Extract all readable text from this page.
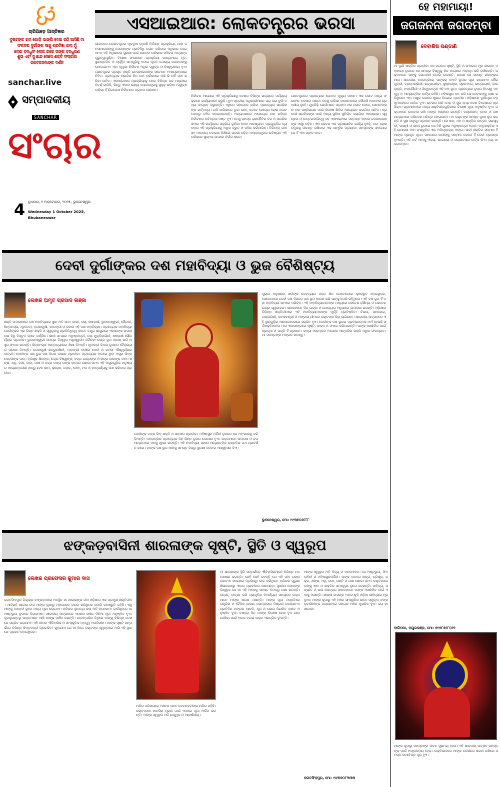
ଚାରିଆଡ଼େ ଆସ୍ତିକର
ଦୁଷ୍ଟଙ୍କ ହାତ ଗୋଡ଼ି ଭାଙ୍ଗି ଦେଇ ଗଠି ଆସିଛି ମା
ସଂକଳପ ଦୁର୍ଗାଙ୍କ ସାଗୁ ପ୍ରତିଜ୍ଞା ଗଲା ମୁଁ
ଲୋକ ବନ୍ଧୁସଂ ଲୋକ କରେ ତାଙ୍କ ବନ୍ଧୁଗଣ
ଶୁଭ ଏବଂ ସୁ ଛାନ୍ଦ ସେସେ ଶକ୍ତି ସଂସ୍କାର
ଜଗତଜନନୀଙ୍କ ଦର୍ଶନ
sanchar.live
ସମ୍ପାଦକୀୟ
SANCHAR
ସଂଚାର
4 ବୁଧବାର, ୧ ଅକ୍ଟୋବର, ୨୦୨୫, ଭୁବନେଶ୍ୱର
Wednesday 1 October 2025,
Bhubaneswar
ଏସଆଇଆର: ଲୋକତନ୍ତ୍ରର ଭରସା
ଭାରତରେ ଲୋକତନ୍ତ୍ରର ମୂଳଦୁଆ ହେଉଛି ନିର୍ବାଚନ ପ୍ରକ୍ରିୟା, ଯାହା ଜନସାଧାରଣଙ୍କୁ ସେମାନଙ୍କ ପ୍ରତିନିଧି ଚୟନ କରିବାର ଅଧିକାର ଦେଇଥାଏ। ଏହି ଅଧିକାରର ସୁରକ୍ଷା ପାଇଁ ଭୋଟର ତାଲିକାର ସଠିକତା ଅତ୍ୟନ୍ତ ଗୁରୁତ୍ୱପୂର୍ଣ୍ଣ। ବିଶେଷ ସଂଶୋଧନ ପ୍ରକ୍ରିୟା ମାଧ୍ୟମରେ ମୃତ, ସ୍ଥାନାନ୍ତରିତ ଓ ଦ୍ୱୈତ ନାମଗୁଡ଼ିକୁ ହଟାଇ ନୂତନ ଯୋଗ୍ୟ ଭୋଟରଙ୍କୁ ଯୋଡ଼ାଯାଏ। ଏହା ଦ୍ୱାରା ନିର୍ବାଚନ ଅଧିକ ସ୍ୱଚ୍ଛ ଓ ବିଶ୍ୱସନୀୟ ହୁଏ। ଗଣତନ୍ତ୍ରର ପ୍ରକୃତ ଶକ୍ତି ଜନସାଧାରଣଙ୍କ ସଚେତନ ଅଂଶଗ୍ରହଣରେ ନିହିତ। ପ୍ରତ୍ୟେକ ନାଗରିକ ନିଜ ନାମ ତାଲିକାରେ ଅଛି କି ନାହିଁ ଯାଞ୍ଚ କରିବା ଉଚିତ। ଏସଆଇଆର ପ୍ରକ୍ରିୟାକୁ ନେଇ ବିଭିନ୍ନ ଦଳ ମଧ୍ୟରେ ବିତର୍କ ଚାଲିଛି, କିନ୍ତୁ ଏହାର ଲକ୍ଷ୍ୟ ଲୋକତନ୍ତ୍ରକୁ ସୁଦୃଢ଼ କରିବା। ସ୍ୱଚ୍ଛ ତାଲିକା ହିଁ ନିରପେକ୍ଷ ନିର୍ବାଚନର ପ୍ରଥମ ସୋପାନ।
ନିର୍ବାଚନ ଆୟୋଗ ଏହି ପ୍ରକ୍ରିୟାକୁ ଦେଶର ବିଭିନ୍ନ ରାଜ୍ୟରେ ପର୍ଯ୍ୟାୟକ୍ରମେ କାର୍ଯ୍ୟକାରୀ କରୁଛି। ବୁଥ ସ୍ତରୀୟ ଅଧିକାରୀମାନେ ଘର ଘର ବୁଲି ତଥ୍ୟ ସଂଗ୍ରହ କରୁଛନ୍ତି। ଏଥିରେ ସହଯୋଗ କରିବା ପ୍ରତ୍ୟେକ ନାଗରିକଙ୍କ କର୍ତ୍ତବ୍ୟ। ଯଦି ତାଲିକାରେ ଭୁଲ ରହେ, ତେବେ ଯୋଗ୍ୟ ଲୋକ ଭୋଟ ଦେବାରୁ ବଞ୍ଚିତ ହୋଇପାରନ୍ତି। ଅନ୍ୟପକ୍ଷରେ ଅଯୋଗ୍ୟ ନାମ ରହିଲେ ନିର୍ବାଚନର ପବିତ୍ରତା ନଷ୍ଟ ହୁଏ। ତେଣୁ ସମସ୍ତ ରାଜନୈତିକ ଦଳ ଓ ନାଗରିକ ସମାଜ ଏହି କାର୍ଯ୍ୟରେ ସକ୍ରିୟ ଭୂମିକା ନେବା ଆବଶ୍ୟକ। ପ୍ରଯୁକ୍ତିର ବ୍ୟବହାର ଏହି ପ୍ରକ୍ରିୟାକୁ ଅଧିକ ଦ୍ରୁତ ଓ ସଠିକ କରିପାରିବ। ଡିଜିଟାଲ ଯାଞ୍ଚ ସହ ମାନବୀୟ ତଦାରଖ ମିଶିଲେ ଭରସା ବଢ଼ିବ। ଲୋକତନ୍ତ୍ରର ଭବିଷ୍ୟତ ଏହି ତାଲିକାର ଶୁଦ୍ଧତା ଉପରେ ନିର୍ଭର କରେ।
ଗଣତନ୍ତ୍ରରେ ପ୍ରତ୍ୟେକ ଭୋଟର ମୂଲ୍ୟ ସମାନ। ଏକ ଭୋଟ ମଧ୍ୟ ଫଳାଫଳ ବଦଳାଇ ପାରେ। ତେଣୁ ତାଲିକା ସଂଶୋଧନରେ କୌଣସି ଅବହେଳା ଗ୍ରହଣୀୟ ନୁହେଁ। ଯୁବପିଢ଼ି ଯେଉଁମାନେ ପ୍ରଥମ ଥର ଭୋଟ ଦେବେ, ସେମାନଙ୍କର ନାମ ପଞ୍ଜିକରଣ ପାଇଁ ବିଶେଷ ଶିବିର ଆୟୋଜନ କରାଯିବା ଉଚିତ। ପ୍ରବାସୀ ଶ୍ରମିକଙ୍କ ପାଇଁ ମଧ୍ୟ ସୁବିଧା ସୁନିଶ୍ଚିତ କରାଯିବା ଆବଶ୍ୟକ। ସ୍ୱଚ୍ଛତା ଓ ଉତ୍ତରଦାୟିତ୍ୱ ସହ ଏସଆଇଆର ସମ୍ପନ୍ନ ହେଲେ ଜନସାଧାରଣଙ୍କ ଆସ୍ଥା ବଢ଼ିବ। ଏହା କେବଳ ଏକ ପ୍ରଶାସନିକ କାର୍ଯ୍ୟ ନୁହେଁ, ବରଂ ଲୋକତନ୍ତ୍ରକୁ ଜୀବନ୍ତ ରଖିବାର ଏକ ସାମୂହିକ ପ୍ରୟାସ। ସମସ୍ତଙ୍କ ସହଯୋଗରେ ହିଁ ଏହା ସଫଳ ହେବ।
ହେ ମହାମାୟା!
ଜଗଜନନୀ ଜଗଦମ୍ବା
ଦେବାଶିଷ ପଣ୍ଡାଣି
ମା ଦୁର୍ଗା ଶକ୍ତିର ପ୍ରତୀକ। ସେ ଜଗତର ସୃଷ୍ଟି, ସ୍ଥିତି ଓ ସଂହାରର ମୂଳ କାରଣ। ମହାମାୟା ରୂପରେ ସେ ସମଗ୍ର ବିଶ୍ୱକୁ ନିଜ ମାୟାରେ ଆବଦ୍ଧ କରି ରଖିଛନ୍ତି। ଭକ୍ତମାନେ ତାଙ୍କୁ ଜଗଜନନୀ ବୋଲି ଡାକନ୍ତି, କାରଣ ସେ ସମସ୍ତ ଜୀବଙ୍କର ମାତା। ଶାରଦୀୟ ନବରାତ୍ରିରେ ତାଙ୍କର ନଅଟି ରୂପର ପୂଜା କରାଯାଏ। ଶୈଳପୁତ୍ରୀ, ବ୍ରହ୍ମଚାରିଣୀ, ଚନ୍ଦ୍ରଘଣ୍ଟା, କୁଷ୍ମାଣ୍ଡା, ସ୍କନ୍ଦମାତା, କାତ୍ୟାୟନୀ, କାଳରାତ୍ରି, ମହାଗୌରୀ ଓ ସିଦ୍ଧିଦାତ୍ରୀ ଏହି ନଅ ରୂପ। ପ୍ରତ୍ୟେକ ରୂପର ନିଜସ୍ୱ ମହତ୍ତ୍ୱ ଓ ଆଧ୍ୟାତ୍ମିକ ବାର୍ତ୍ତା ରହିଛି। ମହିଷାସୁର ବଧ କରି ସେ ଦେବତାଙ୍କୁ ରକ୍ଷା କରିଥିଲେ। ଏହା ଅଶୁଭ ଉପରେ ଶୁଭର ବିଜୟର ପ୍ରତୀକ। ଓଡ଼ିଶାରେ ଦୁର୍ଗାପୂଜା ବଡ଼ ଧୂମଧାମରେ ପାଳିତ ହୁଏ। କଟକର ଚାନ୍ଦି ମେଢ଼ ଓ ସୁନା ମେଢ଼ ଦେଶ ବିଦେଶରେ ପ୍ରସିଦ୍ଧ। ଗ୍ରାମାଞ୍ଚଳରେ ମଧ୍ୟ ଶକ୍ତିପୀଠଗୁଡ଼ିକରେ ବିଶେଷ ପୂଜା ଅନୁଷ୍ଠିତ ହୁଏ। ଭକ୍ତମାନେ ଉପବାସ ରଖି ମାଙ୍କ ଆରାଧନା କରନ୍ତି। ଚଣ୍ଡୀପାଠ, ହୋମ ଓ ଯଜ୍ଞ ମାଧ୍ୟମରେ ପରିବେଶ ପବିତ୍ର ହୋଇଉଠେ। ମା ଭକ୍ତଙ୍କ ସମସ୍ତ ଦୁଃଖ ଦୂର କରନ୍ତି ଓ ସୁଖ ସମୃଦ୍ଧି ପ୍ରଦାନ କରନ୍ତି। ସେ ଜ୍ଞାନ, ଧନ ଓ ଶକ୍ତିର ଦାତ୍ରୀ। ସରସ୍ୱତୀ, ଲକ୍ଷ୍ମୀ ଓ କାଳୀ ରୂପରେ ସେ ତିନି ଗୁଣର ଅଧିଷ୍ଠାତ୍ରୀ ଦେବୀ। ମାତୃଶକ୍ତିର ଏହି ଉପାସନା ଆମ ସଂସ୍କୃତିର ଏକ ଅବିଚ୍ଛେଦ୍ୟ ଅଙ୍ଗ। ନାରୀ ଶକ୍ତିର ସମ୍ମାନ ହିଁ ମାଙ୍କ ପ୍ରକୃତ ପୂଜା। ସମାଜରେ ନାରୀଙ୍କୁ ସମ୍ମାନ ଦେଲେ ହିଁ ଦେବୀ ପ୍ରସନ୍ନ ହୁଅନ୍ତି। ଏହି ପର୍ବ ଆମକୁ ଏକତା, ଭାଇଚାରା ଓ ସଦ୍ଭାବନାର ବାର୍ତ୍ତା ଦିଏ। ଜୟ ମା ଜଗଦମ୍ବା।
ବାରିପଦା, ମୟୂରଭଞ୍ଜ, ମୋ: ୭୯୭୮୫୧୮୦୧୧
ମାଙ୍କ କୃପାରୁ ସମସ୍ତଙ୍କ ଜୀବନ ସୁଖମୟ ହେଉ। ଏହି ଶାରଦୀୟ ଉତ୍ସବ ସମସ୍ତଙ୍କ ପାଇଁ ମଙ୍ଗଳମୟ ହେଉ। ଭକ୍ତିଭାବରେ ମାଙ୍କ ଚରଣରେ ଶରଣ ପଶିଲେ ସମସ୍ତ ବାଧାବିଘ୍ନ ଦୂର ହୁଏ।
ଦେବୀ ଦୁର୍ଗାଙ୍କର ଦଶ ମହାବିଦ୍ୟା ଓ ଭୁଜ ବୈଶିଷ୍ଟ୍ୟ
ଲେଖକ ଅମୃତ ପ୍ରସାଦ ଲଞ୍ଜା
ଶକ୍ତି ଉପାସନାରେ ଦଶ ମହାବିଦ୍ୟାର ସ୍ଥାନ ଅତି ଉଚ୍ଚ। କାଳୀ, ତାରା, ଷୋଡ଼ଶୀ, ଭୁବନେଶ୍ୱରୀ, ଭୈରବୀ, ଛିନ୍ନମସ୍ତା, ଧୂମାବତୀ, ବଗଳାମୁଖୀ, ମାତଙ୍ଗୀ ଓ କମଳା ଏହି ଦଶ ମହାବିଦ୍ୟା। ପ୍ରତ୍ୟେକ ମହାବିଦ୍ୟା ଦେବୀଙ୍କର ଏକ ଭିନ୍ନ ଶକ୍ତି ଓ ସ୍ୱରୂପକୁ ପ୍ରତିନିଧିତ୍ୱ କରେ। ତନ୍ତ୍ର ଶାସ୍ତ୍ରରେ ଏମାନଙ୍କ ଉପାସନାର ବିଧି ବିସ୍ତୃତ ଭାବେ ବର୍ଣ୍ଣିତ। କାଳୀ ସମୟର ଅଧିଷ୍ଠାତ୍ରୀ, ତାରା ମୁକ୍ତିଦାୟିନୀ, ଷୋଡ଼ଶୀ ସୌନ୍ଦର୍ଯ୍ୟର ପ୍ରତୀକ। ଭୁବନେଶ୍ୱରୀ ସମଗ୍ର ବିଶ୍ୱର ଅଧିଶ୍ୱରୀ। ଭୈରବୀ ଉଗ୍ର ରୂପ ଧାରଣ କରି ଅସୁର ସଂହାର କରନ୍ତି। ଛିନ୍ନମସ୍ତା ଆତ୍ମତ୍ୟାଗର ଶିକ୍ଷା ଦିଅନ୍ତି। ଧୂମାବତୀ ବିଧବା ରୂପରେ ବୈରାଗ୍ୟର ସନ୍ଦେଶ ଦିଅନ୍ତି। ବଗଳାମୁଖୀ ଶତ୍ରୁନାଶିନୀ, ମାତଙ୍ଗୀ ବାଣୀର ଦେବୀ ଓ କମଳା ଐଶ୍ୱର୍ଯ୍ୟର ଦାତ୍ରୀ। ଦେବୀଙ୍କ ଦଶ ଭୁଜ ଦଶ ଦିଗର ରକ୍ଷାର ପ୍ରତୀକ। ପ୍ରତ୍ୟେକ ହାତରେ ଥିବା ଅସ୍ତ୍ର ଭିନ୍ନ ଦେବତାଙ୍କ ଦାନ। ତ୍ରିଶୂଳ ଶିବଙ୍କ, ଚକ୍ର ବିଷ୍ଣୁଙ୍କ, ବଜ୍ର ଇନ୍ଦ୍ରଙ୍କ ଓ ଖଡ୍ଗ କାଳଙ୍କ ଦାନ। ଶଙ୍ଖ, ଧନୁ, ବାଣ, ଗଦା, ପାଶ ଓ ପଦ୍ମ ମଧ୍ୟ ତାଙ୍କ ହାତରେ ଶୋଭା ପାଏ। ଏହି ଅସ୍ତ୍ରଗୁଡ଼ିକ ମନୁଷ୍ୟର ଆଭ୍ୟନ୍ତରୀଣ ଶତ୍ରୁ ଯଥା କାମ, କ୍ରୋଧ, ଲୋଭ, ମୋହ, ମଦ ଓ ମାତ୍ସର୍ଯ୍ୟକୁ ନାଶ କରିବାର ପ୍ରତୀକ।
ଦେବୀଙ୍କ ବାହନ ସିଂହ ଶକ୍ତି ଓ ସାହସର ପ୍ରତୀକ। ମହିଷାସୁର ମର୍ଦ୍ଦିନୀ ରୂପରେ ସେ ଅହଂକାରକୁ ଦଳି ଦିଅନ୍ତି। ନବରାତ୍ରିର ପ୍ରତ୍ୟେକ ଦିନ ଭିନ୍ନ ରୂପର ଉପାସନା ହୁଏ। ଭକ୍ତମାନେ ଉପବାସ ଓ ଜପ ମାଧ୍ୟମରେ ମନକୁ ଶୁଦ୍ଧ କରନ୍ତି। ଏହି ମହାବିଦ୍ୟା ସାଧନା ଆଧ୍ୟାତ୍ମିକ ଉନ୍ନତିର ପଥ ପ୍ରଦର୍ଶନ କରେ। ମାଙ୍କ ଦଶ ଭୁଜ ଆମକୁ ସମସ୍ତ ଦିଗରୁ ସୁରକ୍ଷା ଦେବାର ଆଶ୍ୱାସନା ଦିଏ।
ପୁରାଣ ଅନୁସାରେ ସତୀଙ୍କ ଦେହତ୍ୟାଗ ପରେ ଶିବ ଯେତେବେଳେ କ୍ରୋଧିତ ହୋଇଥିଲେ, ସେତେବେଳେ ଦେବୀ ଦଶ ଦିଗରେ ଦଶ ରୂପ ଧାରଣ କରି ତାଙ୍କୁ ଘେରି ରହିଥିଲେ। ଏହି ଦଶ ରୂପ ହିଁ ଦଶ ମହାବିଦ୍ୟା ନାମରେ ପରିଚିତ। ଏହି ମହାବିଦ୍ୟାମାନଙ୍କ ମଧ୍ୟରେ କେତେକ ସୌମ୍ୟ ଓ କେତେକ ଉଗ୍ର ସ୍ୱଭାବର। ସାଧକମାନେ ନିଜ ଇଚ୍ଛା ଓ ଯୋଗ୍ୟତା ଅନୁସାରେ ଉପାସନା କରନ୍ତି। ଓଡ଼ିଶାର ବିଭିନ୍ନ ଶକ୍ତିପୀଠରେ ଏହି ମହାବିଦ୍ୟାମାନଙ୍କ ମୂର୍ତ୍ତି ପ୍ରତିଷ୍ଠିତ। ବିରଜା, ସମଲେଇ, ତାରାତାରିଣୀ, କଟକଚଣ୍ଡୀ ଓ ମଙ୍ଗଳା ପୀଠରେ ଭକ୍ତଙ୍କ ଭିଡ଼ ଲାଗିରହେ। ଶାରଦୀୟ ଉତ୍ସବରେ ଏହି ସ୍ଥାନଗୁଡ଼ିକ ଆଲୋକମାଳାରେ ସଜ୍ଜିତ ହୁଏ। ଦେବୀଙ୍କ ଦଶ ଭୁଜର ପ୍ରତୀକାତ୍ମକ ଅର୍ଥ ହେଉଛି ସର୍ବଶକ୍ତିମାନତା। ସେ ଏକାସାଙ୍ଗରେ ସୃଷ୍ଟି, ପାଳନ ଓ ସଂହାର କରିପାରନ୍ତି। ତାଙ୍କ ଆଶୀର୍ବାଦ ପାଇଁ ଶ୍ରଦ୍ଧା ଓ ଭକ୍ତି ହିଁ ପ୍ରଧାନ। ବାହ୍ୟ ଆଡ଼ମ୍ବର ଅପେକ୍ଷା ଆନ୍ତରିକ ଭକ୍ତି ଅଧିକ ଫଳପ୍ରଦ। ମା ସମସ୍ତଙ୍କ ମଙ୍ଗଳ କରନ୍ତୁ।
ଭୁବନେଶ୍ୱର, ମୋ: ୯୯୩୭୦୬୮୮୮
ଝଙ୍କଡ଼ବାସିନୀ ଶାରଳାଙ୍କ ସୃଷ୍ଟି, ସ୍ଥିତି ଓ ସ୍ୱରୂପ
ଲେଖକ ପ୍ରଫେସର କୁମାର ଦାସ
ଜଗତସିଂହପୁର ଜିଲ୍ଲାର ଝଙ୍କଡ଼ଠାରେ ଅବସ୍ଥିତ ମା ଶାରଳାଙ୍କ ପୀଠ ଓଡ଼ିଶାର ଏକ ପ୍ରମୁଖ ଶକ୍ତିପୀଠ। ଆଦିକବି ଶାରଳା ଦାସ ମାଙ୍କ କୃପାରୁ ମହାଭାରତ ରଚନା କରିଥିଲେ ବୋଲି ଜନଶ୍ରୁତି ରହିଛି। ଏଣୁ ମାଙ୍କୁ ବାଗ୍ଦେବୀ ରୂପେ ମଧ୍ୟ ପୂଜା କରାଯାଏ। ମନ୍ଦିରର ସ୍ଥାପତ୍ୟ କଳା ଅତି ମନୋରମ। ଗର୍ଭଗୃହରେ ମା ଅଷ୍ଟଭୁଜା ରୂପରେ ବିରାଜମାନ। ଶାରଦୀୟ ଉତ୍ସବରେ ଏଠାରେ ଷୋଳ ଦିନିଆ ପୂଜା ଅନୁଷ୍ଠିତ ହୁଏ। ଦୂରଦୂରାନ୍ତରୁ ଭକ୍ତମାନେ ଆସି ମାଙ୍କ ଦର୍ଶନ କରନ୍ତି। ପାରମ୍ପରିକ ବିଧିରେ ମାଙ୍କୁ ବିଭିନ୍ନ ବେଶରେ ସଜ୍ଜିତ କରାଯାଏ। ଏହି ପୀଠର ଐତିହାସିକ ଓ ସାଂସ୍କୃତିକ ମହତ୍ତ୍ୱ ଅପରିସୀମ। ମାଙ୍କ ସୃଷ୍ଟି ସମ୍ପର୍କରେ ବିଭିନ୍ନ କିମ୍ବଦନ୍ତୀ ପ୍ରଚଳିତ। କୁହାଯାଏ ଯେ ମା ନିଜେ ଭକ୍ତଙ୍କ ସ୍ୱପ୍ନରେ ଆସି ଏହି ସ୍ଥାନରେ ପ୍ରକଟ ହୋଇଥିଲେ।
ମନ୍ଦିର ପରିସରରେ ଅନେକ ଛୋଟ ଦେବାଦେବୀଙ୍କ ମନ୍ଦିର ରହିଛି। ଭକ୍ତମାନେ ମାନସିକ ପୂରଣ ପାଇଁ ଏଠାରେ ପୂଜା ଅର୍ଚ୍ଚନା କରନ୍ତି। ମାଙ୍କ ସ୍ୱରୂପ ଅତି ଉଜ୍ଜ୍ୱଳ ଓ ଆକର୍ଷଣୀୟ।
ମା ଶାରଳାଙ୍କ ସ୍ଥିତି ସମ୍ପର୍କରେ ଐତିହାସିକମାନେ ବିଭିନ୍ନ ମତ ପୋଷଣ କରନ୍ତି। କେହି କେହି କହନ୍ତି ଯେ ଏହି ପୀଠ ଗଙ୍ଗ ରାଜବଂଶ ସମୟରେ ପ୍ରସିଦ୍ଧି ଲାଭ କରିଥିଲା। ମନ୍ଦିରର ପୁରୁଣା ଶିଳାଲେଖରୁ ଏହାର ପ୍ରାଚୀନତା ଜଣାପଡ଼େ। ସ୍ଥାନୀୟ ଲୋକଙ୍କ ବିଶ୍ୱାସ ଯେ ମା ଏହି ଅଞ୍ଚଳକୁ ସମସ୍ତ ବିପଦରୁ ରକ୍ଷା କରନ୍ତି। ବନ୍ୟା, ବାତ୍ୟା ଭଳି ପ୍ରାକୃତିକ ବିପର୍ଯ୍ୟୟ ସମୟରେ ଭକ୍ତମାନେ ମାଙ୍କ ଶରଣ ପଶନ୍ତି। ମାଙ୍କ ପୂଜା ପଦ୍ଧତିରେ ତାନ୍ତ୍ରିକ ଓ ବୈଦିକ ଉଭୟ ପରମ୍ପରାର ମିଶ୍ରଣ ଦେଖାଯାଏ। ପ୍ରତିଦିନ ମଙ୍ଗଳ ଆଳତି, ଧୂପ ଓ ଭୋଗ ନିୟମିତ ଭାବେ ଅନୁଷ୍ଠିତ ହୁଏ। ଦଶହରା ଦିନ ମାଙ୍କ ବିଶେଷ ବେଶ ହୁଏ ଯାହା ଦେଖିବା ପାଇଁ ହଜାର ହଜାର ଭକ୍ତ ଏକତ୍ରିତ ହୁଅନ୍ତି।
ମାଙ୍କ ସ୍ୱରୂପ ଅତି ଦିବ୍ୟ ଓ ମନମୋହକ। ସେ ଅଷ୍ଟଭୁଜା, ସିଂହବାହିନୀ ଓ ମହିଷାସୁରମର୍ଦ୍ଦିନୀ। ତାଙ୍କ ହାତରେ ଖଡ୍ଗ, ତ୍ରିଶୂଳ, ଚକ୍ର, ଶଙ୍ଖ, ଧନୁ, ବାଣ, ଘଣ୍ଟି ଓ ପାଶ ଶୋଭା ପାଏ। ଭକ୍ତମାନେ ତାଙ୍କୁ ଜ୍ଞାନ ଓ ଶକ୍ତିର ସମନ୍ୱୟ ରୂପେ ଦେଖନ୍ତି। ସାହିତ୍ୟ, ସଙ୍ଗୀତ ଓ କଳା କ୍ଷେତ୍ରର ସାଧକମାନେ ମାଙ୍କ ଆଶୀର୍ବାଦ ପାଇଁ ଏଠାକୁ ଆସନ୍ତି। ଶାରଳା ଦାସଙ୍କ ଅମର କୃତି ଓଡ଼ିଆ ସାହିତ୍ୟର ମୂଳଦୁଆ। ମାଙ୍କ କୃପାରୁ ଏହି ଅଞ୍ଚଳ ସାଂସ୍କୃତିକ ଭାବେ ସମୃଦ୍ଧ। ଝଙ୍କଡ଼ବାସିନୀଙ୍କ ଜୟଗାନରେ ସମଗ୍ର ଅଞ୍ଚଳ ମୁଖରିତ ହୁଏ। ଜୟ ମା ଶାରଳା।
ଜଗତସିଂହପୁର, ମୋ: ୯୪୩୭୦୮୩୩୩
